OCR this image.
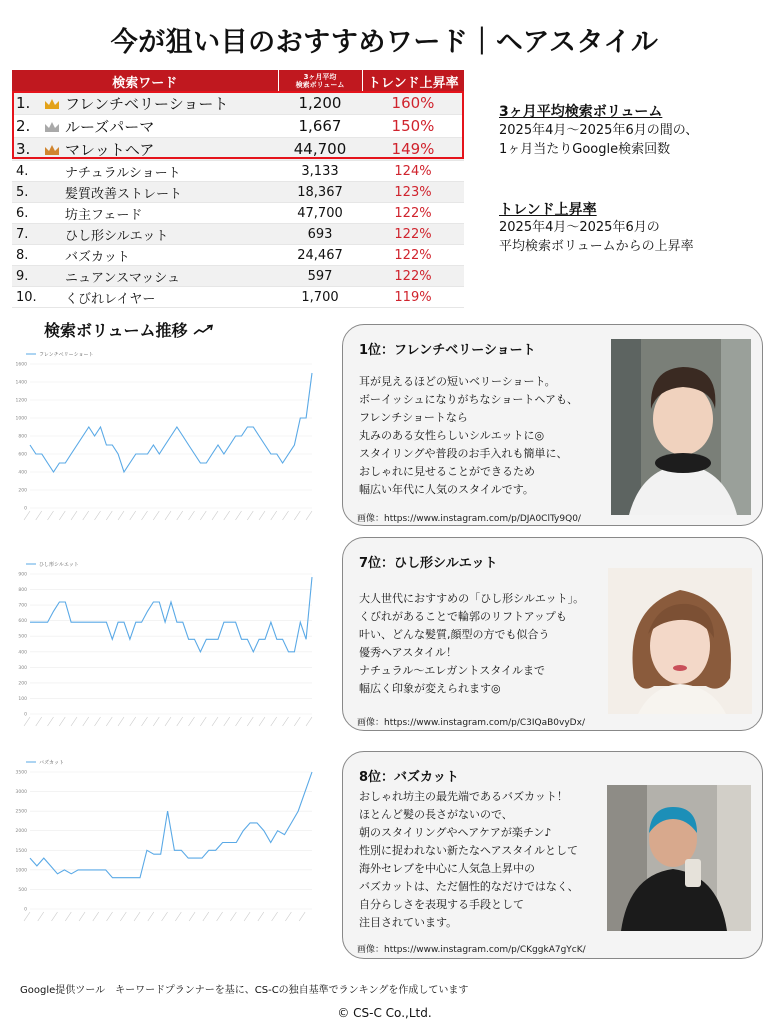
今が狙い目のおすすめワード｜ヘアスタイル
検索ワード		3ヶ月平均
検索ボリューム	トレンド上昇率
1.	フレンチベリーショート	1,200	160%
2.	ルーズパーマ	1,667	150%
3.	マレットヘア	44,700	149%
4.	ナチュラルショート	3,133	124%
5.	髪質改善ストレート	18,367	123%
6.	坊主フェード	47,700	122%
7.	ひし形シルエット	693	122%
8.	バズカット	24,467	122%
9.	ニュアンスマッシュ	597	122%
10.	くびれレイヤー	1,700	119%
3ヶ月平均検索ボリューム
2025年4月～2025年6月の間の、
1ヶ月当たりGoogle検索回数
トレンド上昇率
2025年4月～2025年6月の
平均検索ボリュームからの上昇率
検索ボリューム推移
フレンチベリーショート
0
200
400
600
800
1000
1200
1400
1600
ひし形シルエット
0
100
200
300
400
500
600
700
800
900
バズカット
0
500
1000
1500
2000
2500
3000
3500
1位：フレンチベリーショート
耳が見えるほどの短いベリーショート。
ボーイッシュになりがちなショートヘアも、
フレンチショートなら
丸みのある女性らしいシルエットに◎
スタイリングや普段のお手入れも簡単に、
おしゃれに見せることができるため
幅広い年代に人気のスタイルです。
画像：https://www.instagram.com/p/DJA0ClTy9Q0/
7位：ひし形シルエット
大人世代におすすめの「ひし形シルエット」。
くびれがあることで輪郭のリフトアップも
叶い、どんな髪質,顔型の方でも似合う
優秀ヘアスタイル！
ナチュラル～エレガントスタイルまで
幅広く印象が変えられます◎
画像：https://www.instagram.com/p/C3IQaB0vyDx/
8位：バズカット
おしゃれ坊主の最先端であるバズカット！
ほとんど髪の長さがないので、
朝のスタイリングやヘアケアが楽チン♪
性別に捉われない新たなヘアスタイルとして
海外セレブを中心に人気急上昇中の
バズカットは、ただ個性的なだけではなく、
自分らしさを表現する手段として
注目されています。
画像：https://www.instagram.com/p/CKggkA7gYcK/
Google提供ツール　キーワードプランナーを基に、CS-Cの独自基準でランキングを作成しています
© CS-C Co.,Ltd.
